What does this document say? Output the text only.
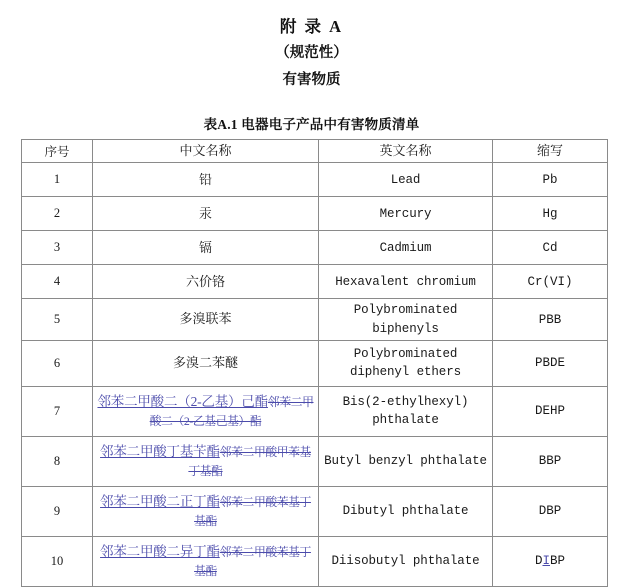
附 录 A
（规范性）
有害物质
表A.1 电器电子产品中有害物质清单
序号	中文名称	英文名称	缩写
1	铅	Lead	Pb
2	汞	Mercury	Hg
3	镉	Cadmium	Cd
4	六价铬	Hexavalent chromium	Cr(VI)
5	多溴联苯	Polybrominated biphenyls	PBB
6	多溴二苯醚	Polybrominated diphenyl ethers	PBDE
7	邻苯二甲酸二（2-乙基）己酯邻苯二甲酸二（2-乙基己基）酯	Bis(2-ethylhexyl) phthalate	DEHP
8	邻苯二甲酸丁基苄酯邻苯二甲酸甲苯基丁基酯	Butyl benzyl phthalate	BBP
9	邻苯二甲酸二正丁酯邻苯二甲酸苯基丁基酯	Dibutyl phthalate	DBP
10	邻苯二甲酸二异丁酯邻苯二甲酸苯基丁基酯	Diisobutyl phthalate	DIBP
